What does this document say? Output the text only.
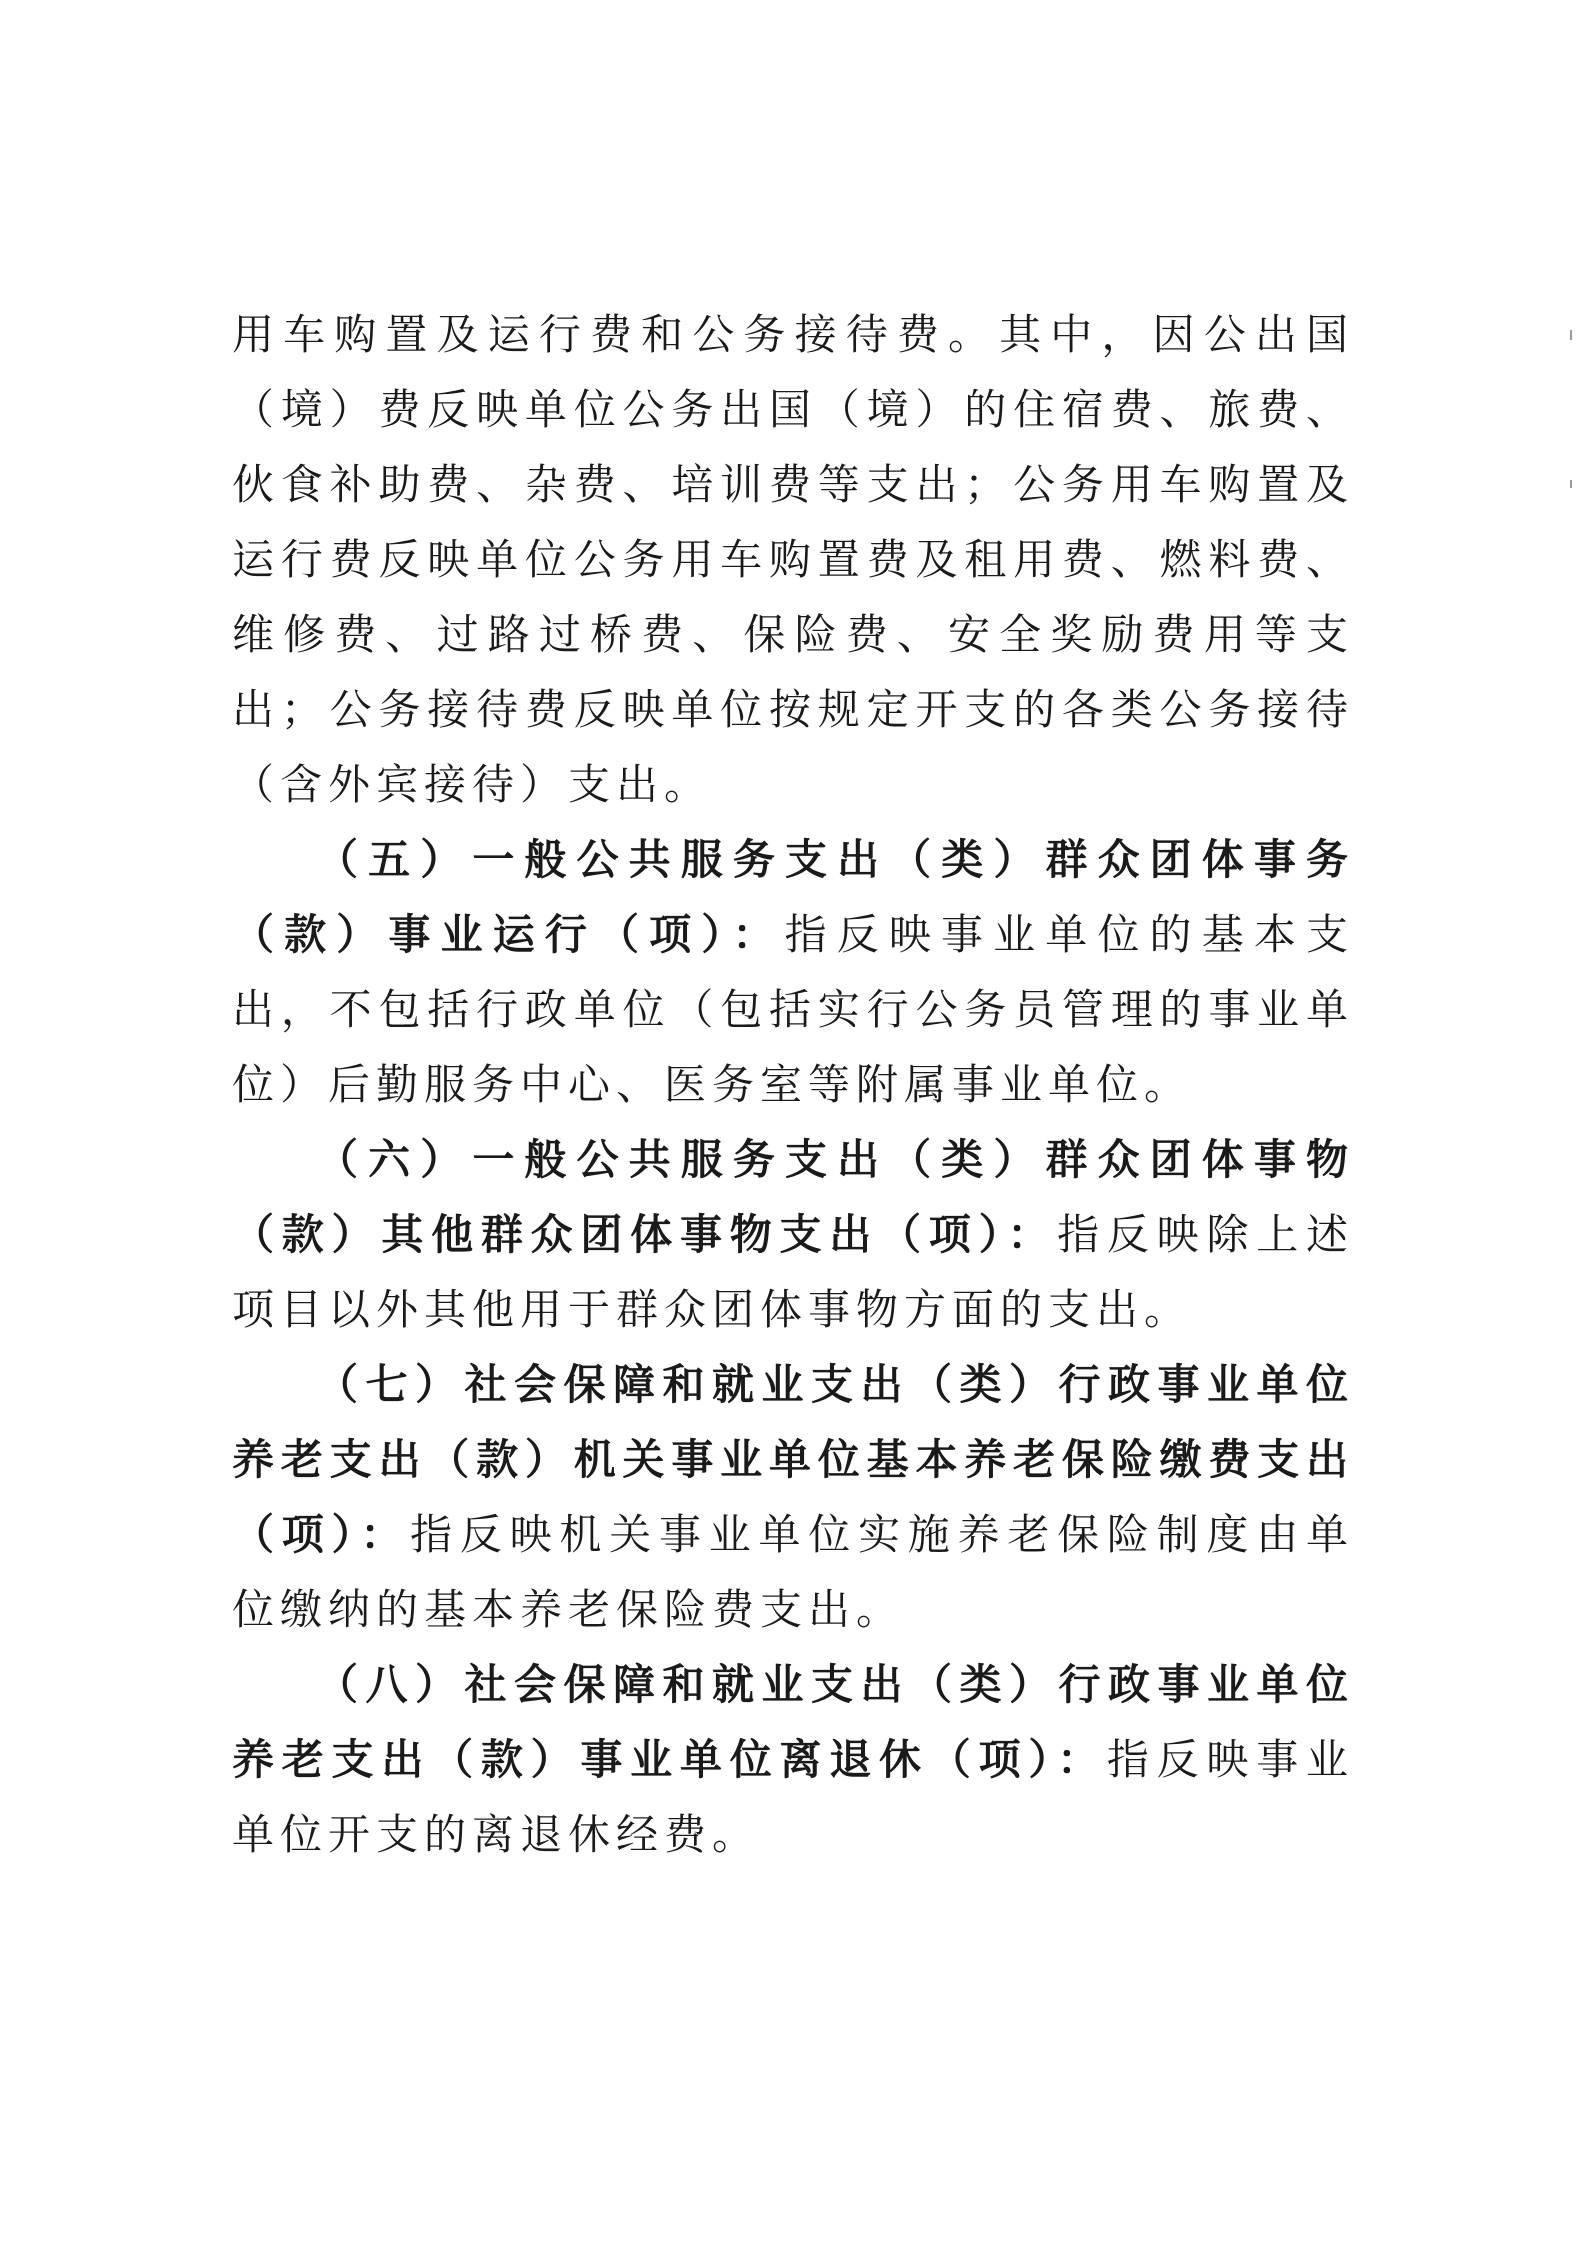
用车购置及运行费和公务接待费。其中，因公出国（境）费反映单位公务出国（境）的住宿费、旅费、伙食补助费、杂费、培训费等支出；公务用车购置及运行费反映单位公务用车购置费及租用费、燃料费、维修费、过路过桥费、保险费、安全奖励费用等支出；公务接待费反映单位按规定开支的各类公务接待（含外宾接待）支出。

（五）一般公共服务支出（类）群众团体事务（款）事业运行（项）：指反映事业单位的基本支出，不包括行政单位（包括实行公务员管理的事业单位）后勤服务中心、医务室等附属事业单位。

（六）一般公共服务支出（类）群众团体事物（款）其他群众团体事物支出（项）：指反映除上述项目以外其他用于群众团体事物方面的支出。

（七）社会保障和就业支出（类）行政事业单位养老支出（款）机关事业单位基本养老保险缴费支出（项）：指反映机关事业单位实施养老保险制度由单位缴纳的基本养老保险费支出。

（八）社会保障和就业支出（类）行政事业单位养老支出（款）事业单位离退休（项）：指反映事业单位开支的离退休经费。
